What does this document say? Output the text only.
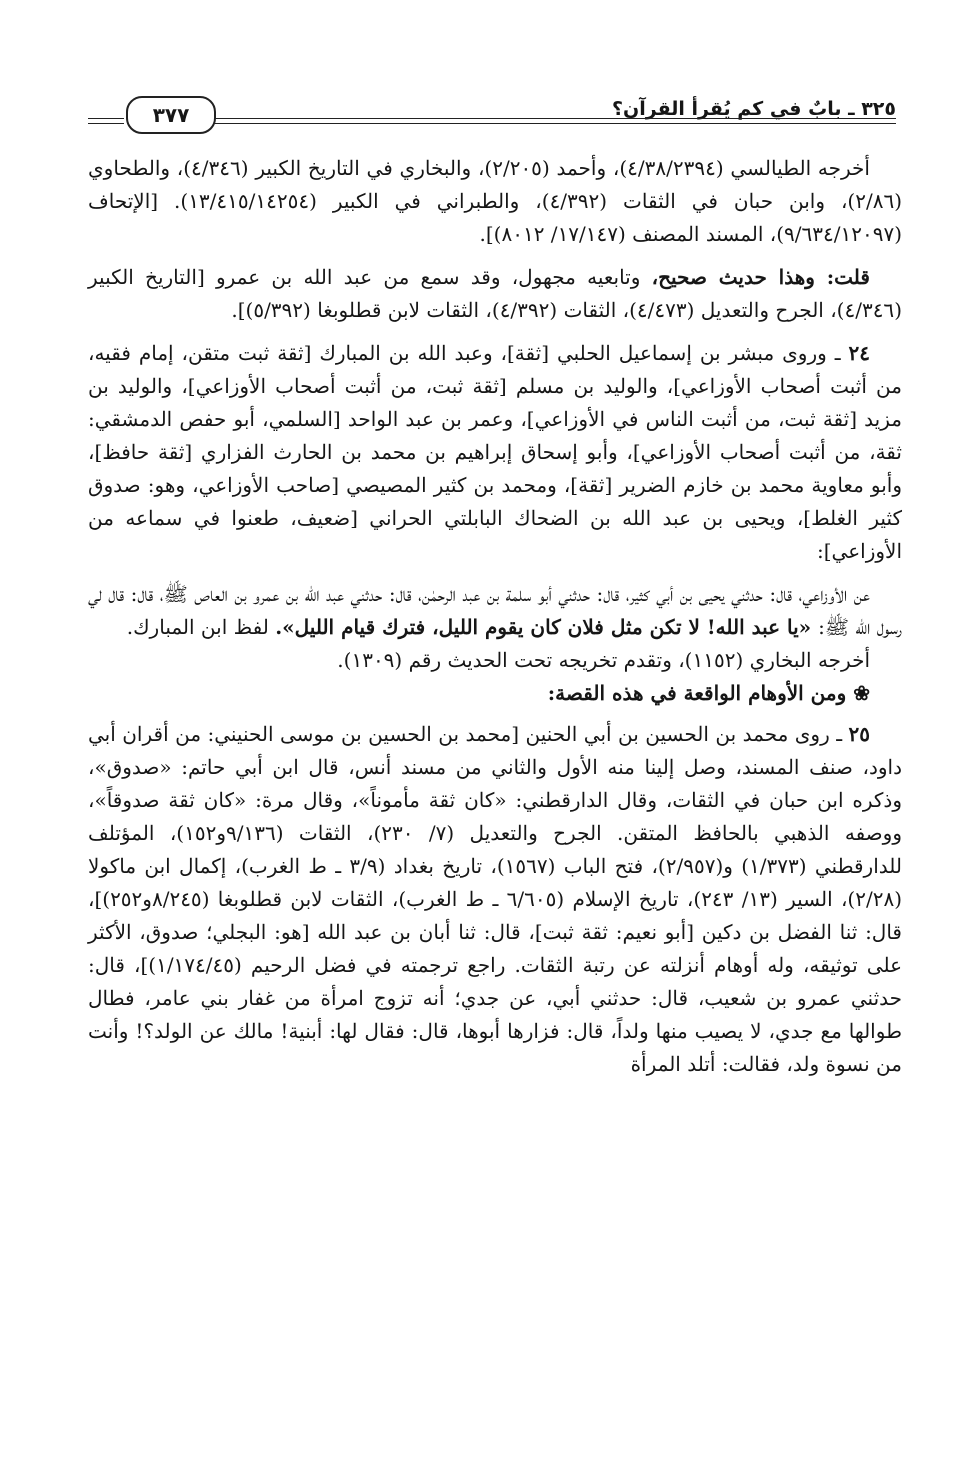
٣٢٥ ـ بابٌ في كم يُقرأ القرآن؟
٣٧٧

أخرجه الطيالسي (٤/٣٨/٢٣٩٤)، وأحمد (٢/٢٠٥)، والبخاري في التاريخ الكبير (٤/٣٤٦)، والطحاوي (٢/٨٦)، وابن حبان في الثقات (٤/٣٩٢)، والطبراني في الكبير (١٣/٤١٥/١٤٢٥٤). [الإتحاف (٩/٦٣٤/١٢٠٩٧)، المسند المصنف (١٧/١٤٧/ ٨٠١٢)].

قلت: وهذا حديث صحيح، وتابعيه مجهول، وقد سمع من عبد الله بن عمرو [التاريخ الكبير (٤/٣٤٦)، الجرح والتعديل (٤/٤٧٣)، الثقات (٤/٣٩٢)، الثقات لابن قطلوبغا (٥/٣٩٢)].

٢٤ ـ وروى مبشر بن إسماعيل الحلبي [ثقة]، وعبد الله بن المبارك [ثقة ثبت متقن، إمام فقيه، من أثبت أصحاب الأوزاعي]، والوليد بن مسلم [ثقة ثبت، من أثبت أصحاب الأوزاعي]، والوليد بن مزيد [ثقة ثبت، من أثبت الناس في الأوزاعي]، وعمر بن عبد الواحد [السلمي، أبو حفص الدمشقي: ثقة، من أثبت أصحاب الأوزاعي]، وأبو إسحاق إبراهيم بن محمد بن الحارث الفزاري [ثقة حافظ]، وأبو معاوية محمد بن خازم الضرير [ثقة]، ومحمد بن كثير المصيصي [صاحب الأوزاعي، وهو: صدوق كثير الغلط]، ويحيى بن عبد الله بن الضحاك البابلتي الحراني [ضعيف، طعنوا في سماعه من الأوزاعي]:

عن الأوزاعي، قال: حدثني يحيى بن أبي كثير، قال: حدثني أبو سلمة بن عبد الرحمٰن، قال: حدثني عبد الله بن عمرو بن العاص ﷺ، قال: قال لي رسول الله ﷺ: «يا عبد الله! لا تكن مثل فلان كان يقوم الليل، فترك قيام الليل». لفظ ابن المبارك.

أخرجه البخاري (١١٥٢)، وتقدم تخريجه تحت الحديث رقم (١٣٠٩).

❀ ومن الأوهام الواقعة في هذه القصة:

٢٥ ـ روى محمد بن الحسين بن أبي الحنين [محمد بن الحسين بن موسى الحنيني: من أقران أبي داود، صنف المسند، وصل إلينا منه الأول والثاني من مسند أنس، قال ابن أبي حاتم: «صدوق»، وذكره ابن حبان في الثقات، وقال الدارقطني: «كان ثقة مأموناً»، وقال مرة: «كان ثقة صدوقاً»، ووصفه الذهبي بالحافظ المتقن. الجرح والتعديل (٧/ ٢٣٠)، الثقات (٩/١٣٦و١٥٢)، المؤتلف للدارقطني (١/٣٧٣) و(٢/٩٥٧)، فتح الباب (١٥٦٧)، تاريخ بغداد (٣/٩ ـ ط الغرب)، إكمال ابن ماكولا (٢/٢٨)، السير (١٣/ ٢٤٣)، تاريخ الإسلام (٦/٦٠٥ ـ ط الغرب)، الثقات لابن قطلوبغا (٨/٢٤٥و٢٥٢)]، قال: ثنا الفضل بن دكين [أبو نعيم: ثقة ثبت]، قال: ثنا أبان بن عبد الله [هو: البجلي؛ صدوق، الأكثر على توثيقه، وله أوهام أنزلته عن رتبة الثقات. راجع ترجمته في فضل الرحيم (١/١٧٤/٤٥)]، قال: حدثني عمرو بن شعيب، قال: حدثني أبي، عن جدي؛ أنه تزوج امرأة من غفار بني عامر، فطال طوالها مع جدي، لا يصيب منها ولداً، قال: فزارها أبوها، قال: فقال لها: أبنية! مالك عن الولد؟! وأنت من نسوة ولد، فقالت: أتلد المرأة
